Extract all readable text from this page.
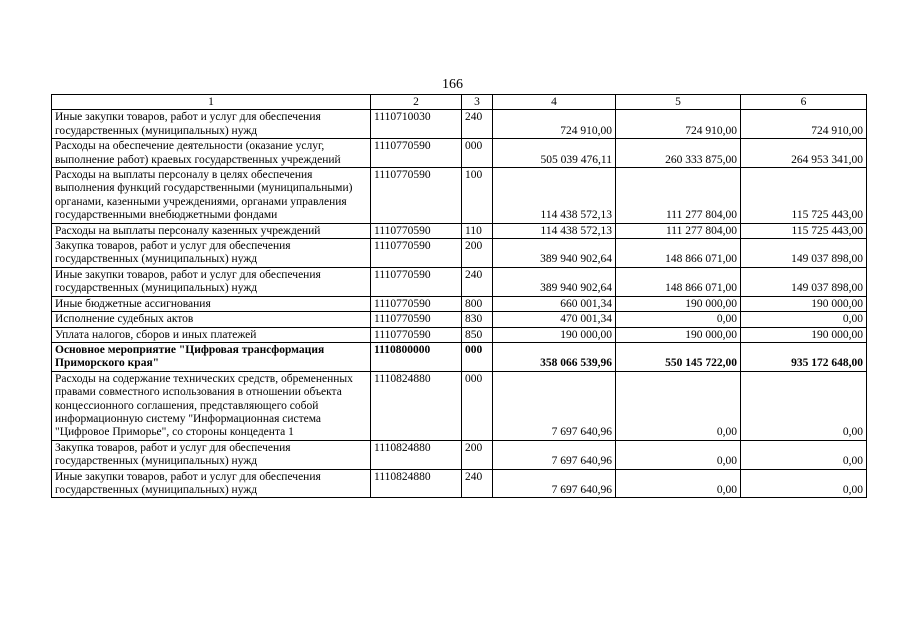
166
1	2	3	4	5	6
Иные закупки товаров, работ и услуг для обеспечения государственных (муниципальных) нужд	1110710030	240	724 910,00	724 910,00	724 910,00
Расходы на обеспечение деятельности (оказание услуг, выполнение работ) краевых государственных учреждений	1110770590	000	505 039 476,11	260 333 875,00	264 953 341,00
Расходы на выплаты персоналу в целях обеспечения выполнения функций государственными (муниципальными) органами, казенными учреждениями, органами управления государственными внебюджетными фондами	1110770590	100	114 438 572,13	111 277 804,00	115 725 443,00
Расходы на выплаты персоналу казенных учреждений	1110770590	110	114 438 572,13	111 277 804,00	115 725 443,00
Закупка товаров, работ и услуг для обеспечения государственных (муниципальных) нужд	1110770590	200	389 940 902,64	148 866 071,00	149 037 898,00
Иные закупки товаров, работ и услуг для обеспечения государственных (муниципальных) нужд	1110770590	240	389 940 902,64	148 866 071,00	149 037 898,00
Иные бюджетные ассигнования	1110770590	800	660 001,34	190 000,00	190 000,00
Исполнение судебных актов	1110770590	830	470 001,34	0,00	0,00
Уплата налогов, сборов и иных платежей	1110770590	850	190 000,00	190 000,00	190 000,00
Основное мероприятие "Цифровая трансформация Приморского края"	1110800000	000	358 066 539,96	550 145 722,00	935 172 648,00
Расходы на содержание технических средств, обремененных правами совместного использования в отношении объекта концессионного соглашения, представляющего собой информационную систему "Информационная система "Цифровое Приморье", со стороны концедента 1	1110824880	000	7 697 640,96	0,00	0,00
Закупка товаров, работ и услуг для обеспечения государственных (муниципальных) нужд	1110824880	200	7 697 640,96	0,00	0,00
Иные закупки товаров, работ и услуг для обеспечения государственных (муниципальных) нужд	1110824880	240	7 697 640,96	0,00	0,00
